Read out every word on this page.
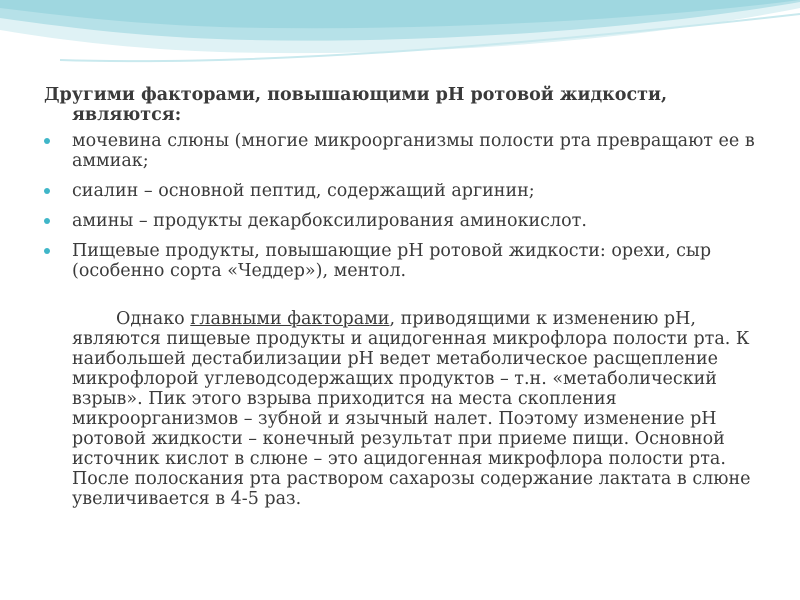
Другими факторами, повышающими рН ротовой жидкости,
являются:
мочевина слюны (многие микроорганизмы полости рта превращают ее в аммиак;
сиалин – основной пептид, содержащий аргинин;
амины – продукты декарбоксилирования аминокислот.
Пищевые продукты, повышающие рН ротовой жидкости: орехи, сыр (особенно сорта «Чеддер»), ментол.

Однако главными факторами, приводящими к изменению рН, являются пищевые продукты и ацидогенная микрофлора полости рта. К наибольшей дестабилизации рН ведет метаболическое расщепление микрофлорой углеводсодержащих продуктов – т.н. «метаболический взрыв». Пик этого взрыва приходится на места скопления микроорганизмов – зубной и язычный налет. Поэтому изменение рН ротовой жидкости – конечный результат при приеме пищи. Основной источник кислот в слюне – это ацидогенная микрофлора полости рта. После полоскания рта раствором сахарозы содержание лактата в слюне увеличивается в 4-5 раз.
